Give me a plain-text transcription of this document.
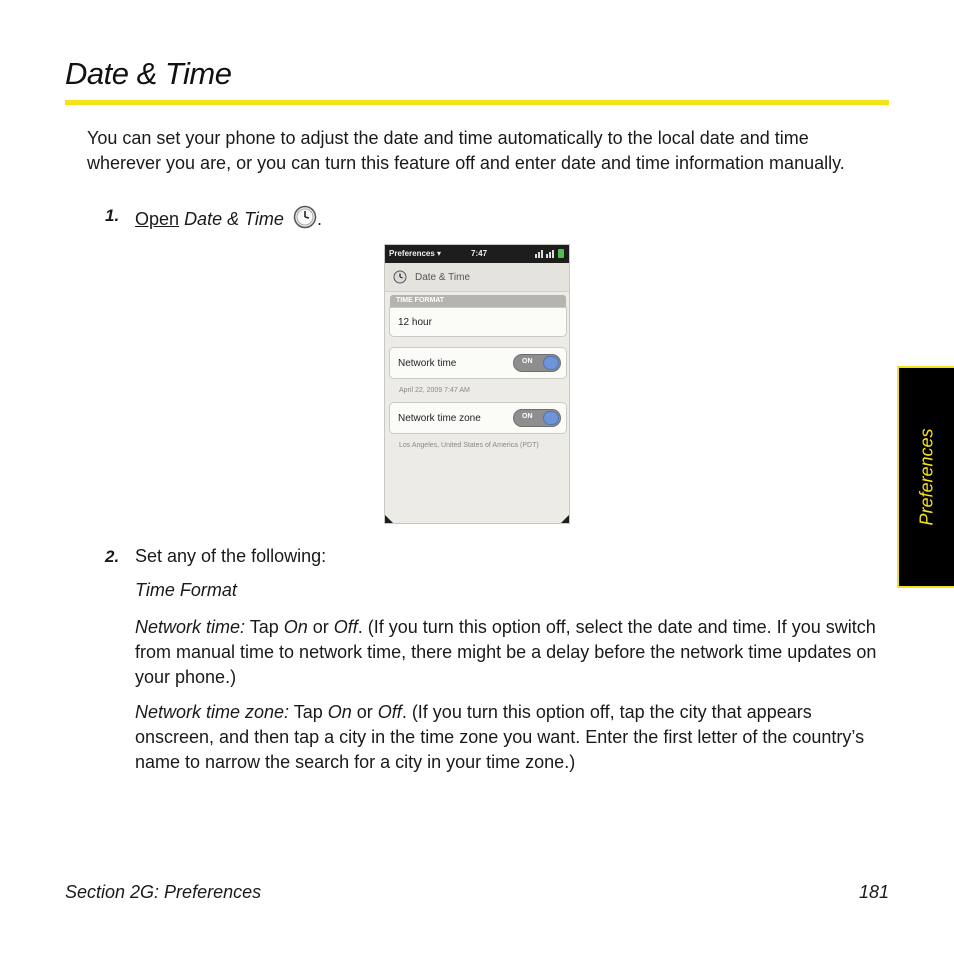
Date & Time
You can set your phone to adjust the date and time automatically to the local date and time wherever you are, or you can turn this feature off and enter date and time information manually.
1. Open Date & Time .
Preferences ▾	7:47
Date & Time
TIME FORMAT
12 hour
Network time	ON
April 22, 2009 7:47 AM
Network time zone	ON
Los Angeles, United States of America (PDT)
2. Set any of the following:
Time Format
Network time: Tap On or Off. (If you turn this option off, select the date and time. If you switch from manual time to network time, there might be a delay before the network time updates on your phone.)
Network time zone: Tap On or Off. (If you turn this option off, tap the city that appears onscreen, and then tap a city in the time zone you want. Enter the first letter of the country’s name to narrow the search for a city in your time zone.)
Preferences
Section 2G: Preferences	181
